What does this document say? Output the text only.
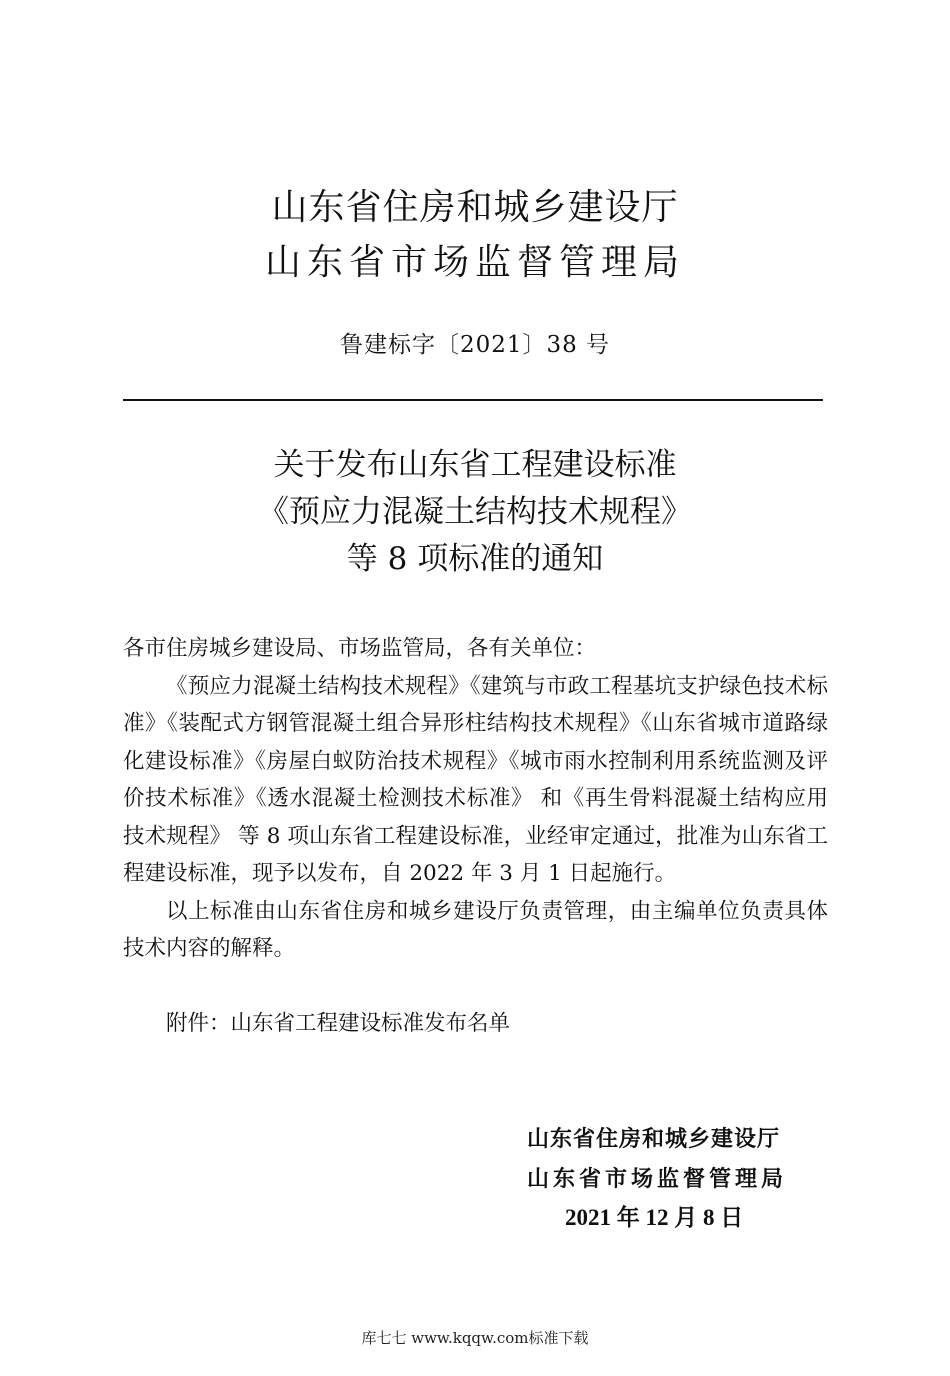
山东省住房和城乡建设厅
山东省市场监督管理局
鲁建标字〔2021〕38 号
关于发布山东省工程建设标准
《预应力混凝土结构技术规程》
等 8 项标准的通知

各市住房城乡建设局、市场监管局，各有关单位：

《预应力混凝土结构技术规程》《建筑与市政工程基坑支护绿色技术标准》《装配式方钢管混凝土组合异形柱结构技术规程》《山东省城市道路绿化建设标准》《房屋白蚁防治技术规程》《城市雨水控制利用系统监测及评价技术标准》《透水混凝土检测技术标准》 和《再生骨料混凝土结构应用技术规程》 等 8 项山东省工程建设标准，业经审定通过，批准为山东省工程建设标准，现予以发布，自 2022 年 3 月 1 日起施行。

以上标准由山东省住房和城乡建设厅负责管理，由主编单位负责具体技术内容的解释。

附件：山东省工程建设标准发布名单

山东省住房和城乡建设厅
山东省市场监督管理局
2021 年 12 月 8 日
库七七 www.kqqw.com标准下载
